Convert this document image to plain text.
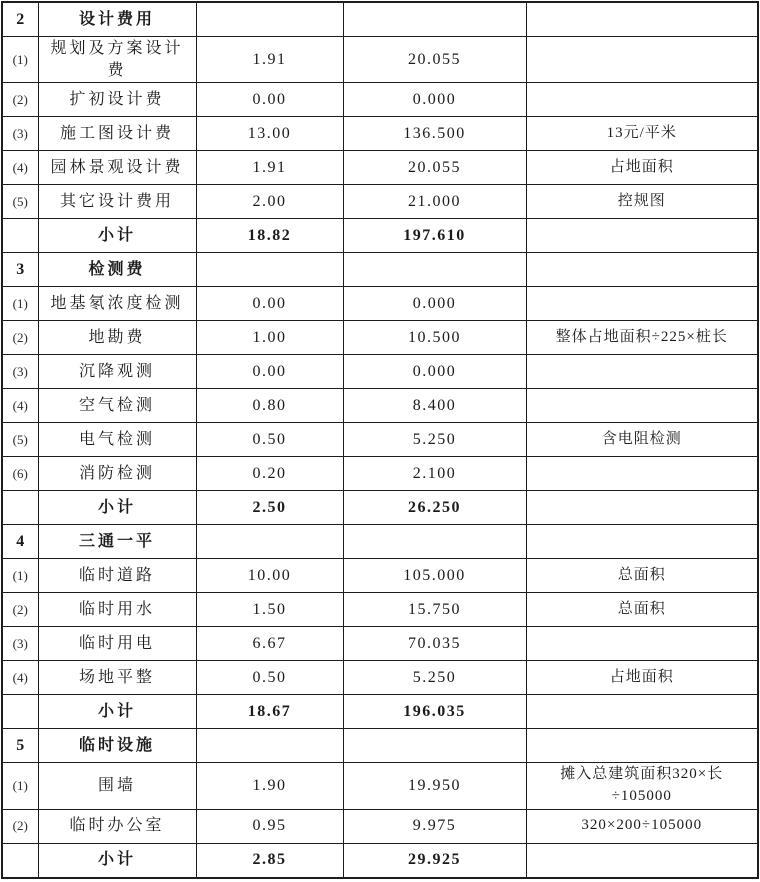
2	设计费用			
(1)	规划及方案设计费	1.91	20.055	
(2)	扩初设计费	0.00	0.000	
(3)	施工图设计费	13.00	136.500	13元/平米
(4)	园林景观设计费	1.91	20.055	占地面积
(5)	其它设计费用	2.00	21.000	控规图
	小计	18.82	197.610	
3	检测费			
(1)	地基氡浓度检测	0.00	0.000	
(2)	地勘费	1.00	10.500	整体占地面积÷225×桩长
(3)	沉降观测	0.00	0.000	
(4)	空气检测	0.80	8.400	
(5)	电气检测	0.50	5.250	含电阻检测
(6)	消防检测	0.20	2.100	
	小计	2.50	26.250	
4	三通一平			
(1)	临时道路	10.00	105.000	总面积
(2)	临时用水	1.50	15.750	总面积
(3)	临时用电	6.67	70.035	
(4)	场地平整	0.50	5.250	占地面积
	小计	18.67	196.035	
5	临时设施			
(1)	围墙	1.90	19.950	摊入总建筑面积320×长÷105000
(2)	临时办公室	0.95	9.975	320×200÷105000
	小计	2.85	29.925	
